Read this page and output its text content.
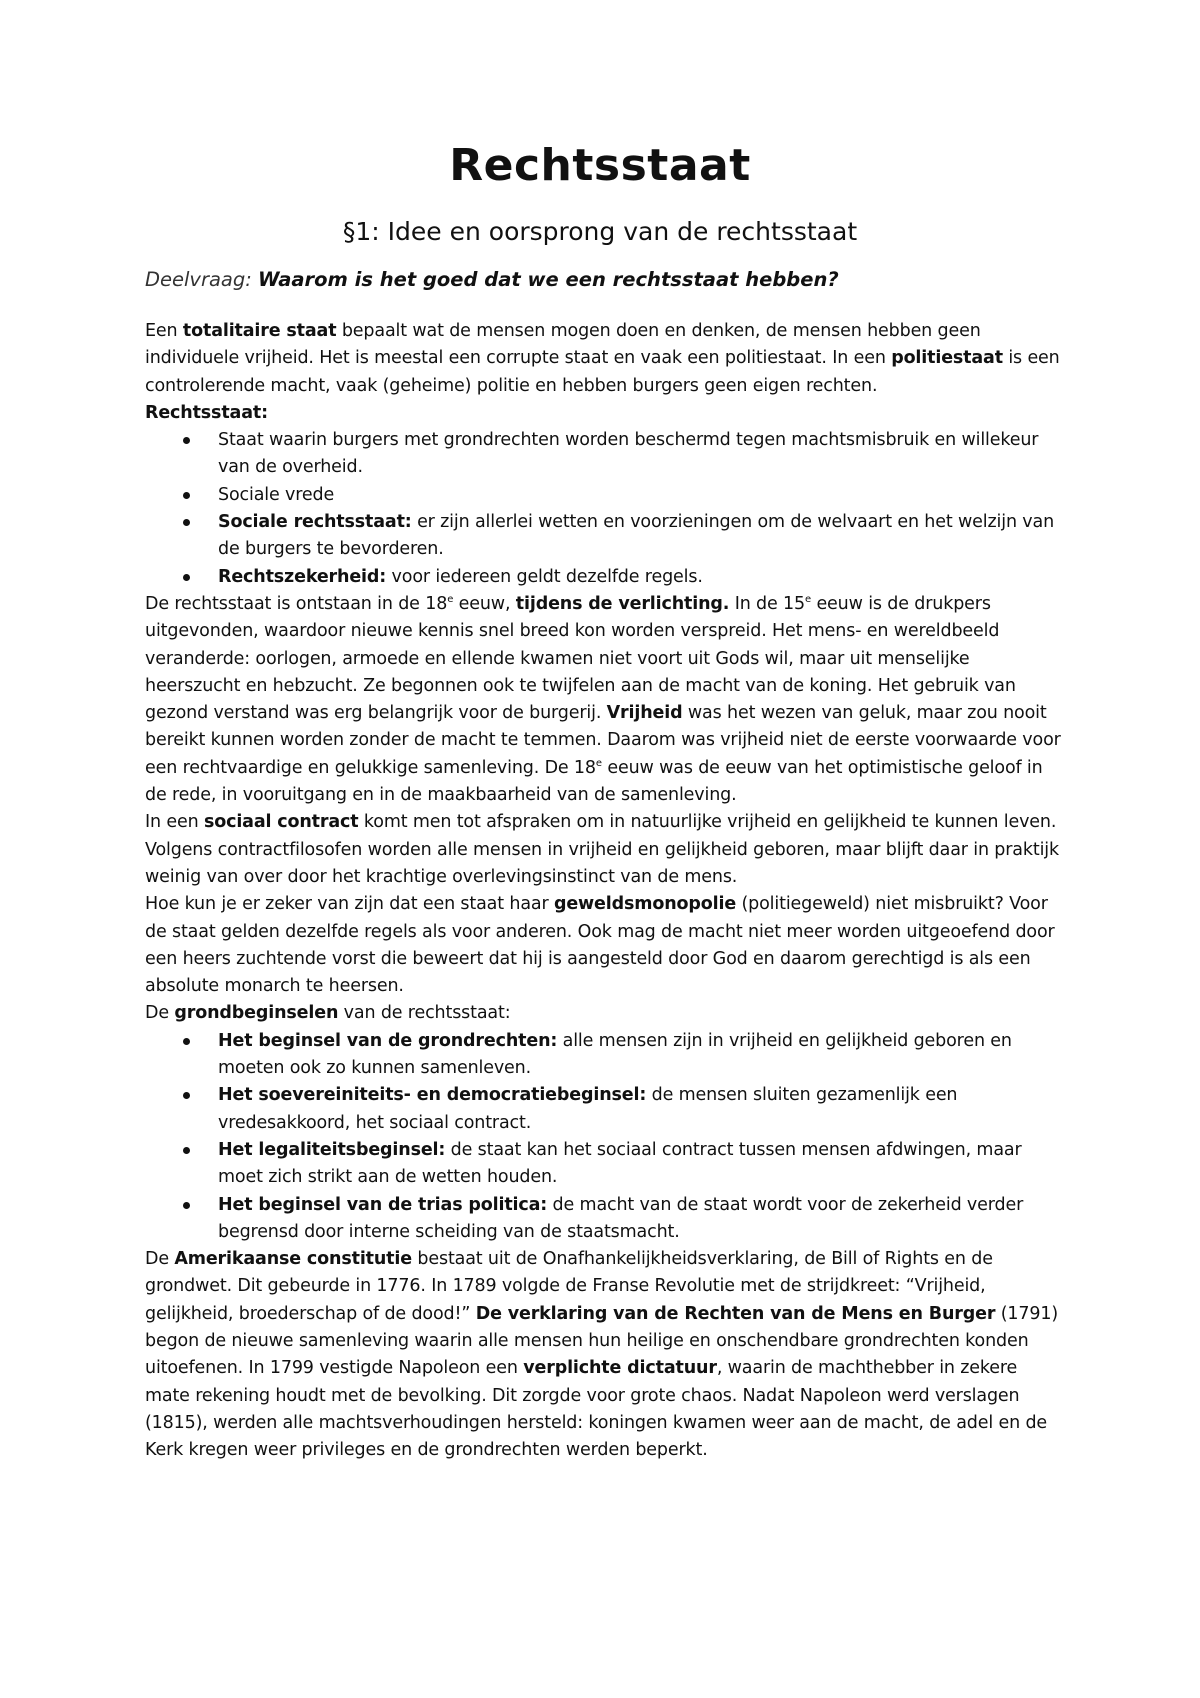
Rechtsstaat
§1: Idee en oorsprong van de rechtsstaat
Deelvraag: Waarom is het goed dat we een rechtsstaat hebben?

Een totalitaire staat bepaalt wat de mensen mogen doen en denken, de mensen hebben geen individuele vrijheid. Het is meestal een corrupte staat en vaak een politiestaat. In een politiestaat is een controlerende macht, vaak (geheime) politie en hebben burgers geen eigen rechten.

Rechtsstaat:

Staat waarin burgers met grondrechten worden beschermd tegen machtsmisbruik en willekeur van de overheid.
Sociale vrede
Sociale rechtsstaat: er zijn allerlei wetten en voorzieningen om de welvaart en het welzijn van de burgers te bevorderen.
Rechtszekerheid: voor iedereen geldt dezelfde regels.

De rechtsstaat is ontstaan in de 18e eeuw, tijdens de verlichting. In de 15e eeuw is de drukpers uitgevonden, waardoor nieuwe kennis snel breed kon worden verspreid. Het mens- en wereldbeeld veranderde: oorlogen, armoede en ellende kwamen niet voort uit Gods wil, maar uit menselijke heerszucht en hebzucht. Ze begonnen ook te twijfelen aan de macht van de koning. Het gebruik van gezond verstand was erg belangrijk voor de burgerij. Vrijheid was het wezen van geluk, maar zou nooit bereikt kunnen worden zonder de macht te temmen. Daarom was vrijheid niet de eerste voorwaarde voor een rechtvaardige en gelukkige samenleving. De 18e eeuw was de eeuw van het optimistische geloof in de rede, in vooruitgang en in de maakbaarheid van de samenleving.

In een sociaal contract komt men tot afspraken om in natuurlijke vrijheid en gelijkheid te kunnen leven. Volgens contractfilosofen worden alle mensen in vrijheid en gelijkheid geboren, maar blijft daar in praktijk weinig van over door het krachtige overlevingsinstinct van de mens.

Hoe kun je er zeker van zijn dat een staat haar geweldsmonopolie (politiegeweld) niet misbruikt? Voor de staat gelden dezelfde regels als voor anderen. Ook mag de macht niet meer worden uitgeoefend door een heers zuchtende vorst die beweert dat hij is aangesteld door God en daarom gerechtigd is als een absolute monarch te heersen.

De grondbeginselen van de rechtsstaat:

Het beginsel van de grondrechten: alle mensen zijn in vrijheid en gelijkheid geboren en moeten ook zo kunnen samenleven.
Het soevereiniteits- en democratiebeginsel: de mensen sluiten gezamenlijk een vredesakkoord, het sociaal contract.
Het legaliteitsbeginsel: de staat kan het sociaal contract tussen mensen afdwingen, maar moet zich strikt aan de wetten houden.
Het beginsel van de trias politica: de macht van de staat wordt voor de zekerheid verder begrensd door interne scheiding van de staatsmacht.

De Amerikaanse constitutie bestaat uit de Onafhankelijkheidsverklaring, de Bill of Rights en de grondwet. Dit gebeurde in 1776. In 1789 volgde de Franse Revolutie met de strijdkreet: “Vrijheid, gelijkheid, broederschap of de dood!” De verklaring van de Rechten van de Mens en Burger (1791) begon de nieuwe samenleving waarin alle mensen hun heilige en onschendbare grondrechten konden uitoefenen. In 1799 vestigde Napoleon een verplichte dictatuur, waarin de machthebber in zekere mate rekening houdt met de bevolking. Dit zorgde voor grote chaos. Nadat Napoleon werd verslagen (1815), werden alle machtsverhoudingen hersteld: koningen kwamen weer aan de macht, de adel en de Kerk kregen weer privileges en de grondrechten werden beperkt.
